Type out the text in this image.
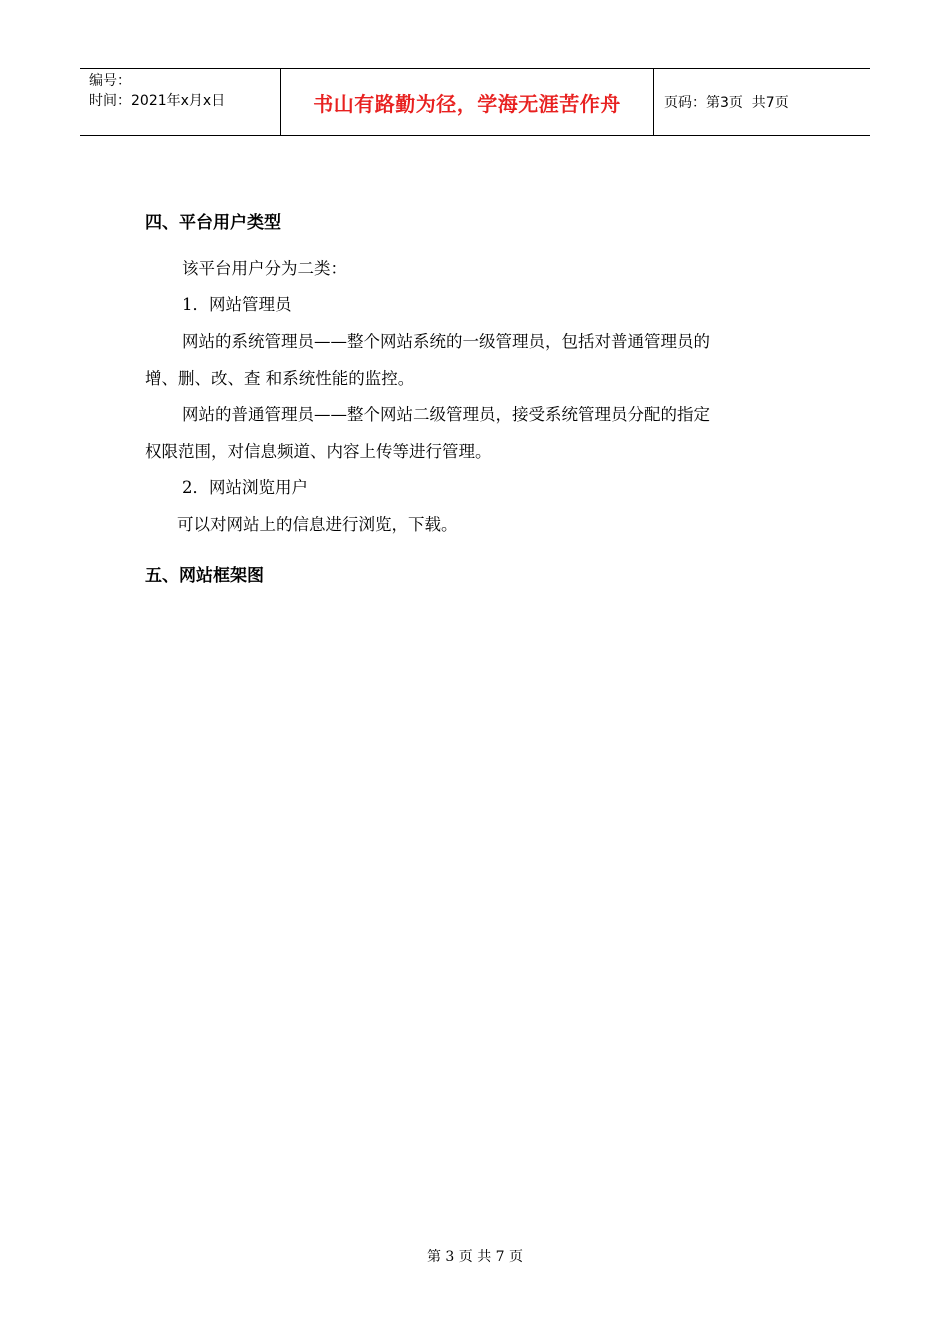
编号：
时间：2021年x月x日	书山有路勤为径，学海无涯苦作舟	页码：第3页  共7页
四、平台用户类型
该平台用户分为二类：
1．网站管理员
网站的系统管理员——整个网站系统的一级管理员，包括对普通管理员的
增、删、改、查 和系统性能的监控。
网站的普通管理员——整个网站二级管理员，接受系统管理员分配的指定
权限范围，对信息频道、内容上传等进行管理。
2．网站浏览用户
可以对网站上的信息进行浏览，下载。
五、网站框架图
第 3 页 共 7 页
